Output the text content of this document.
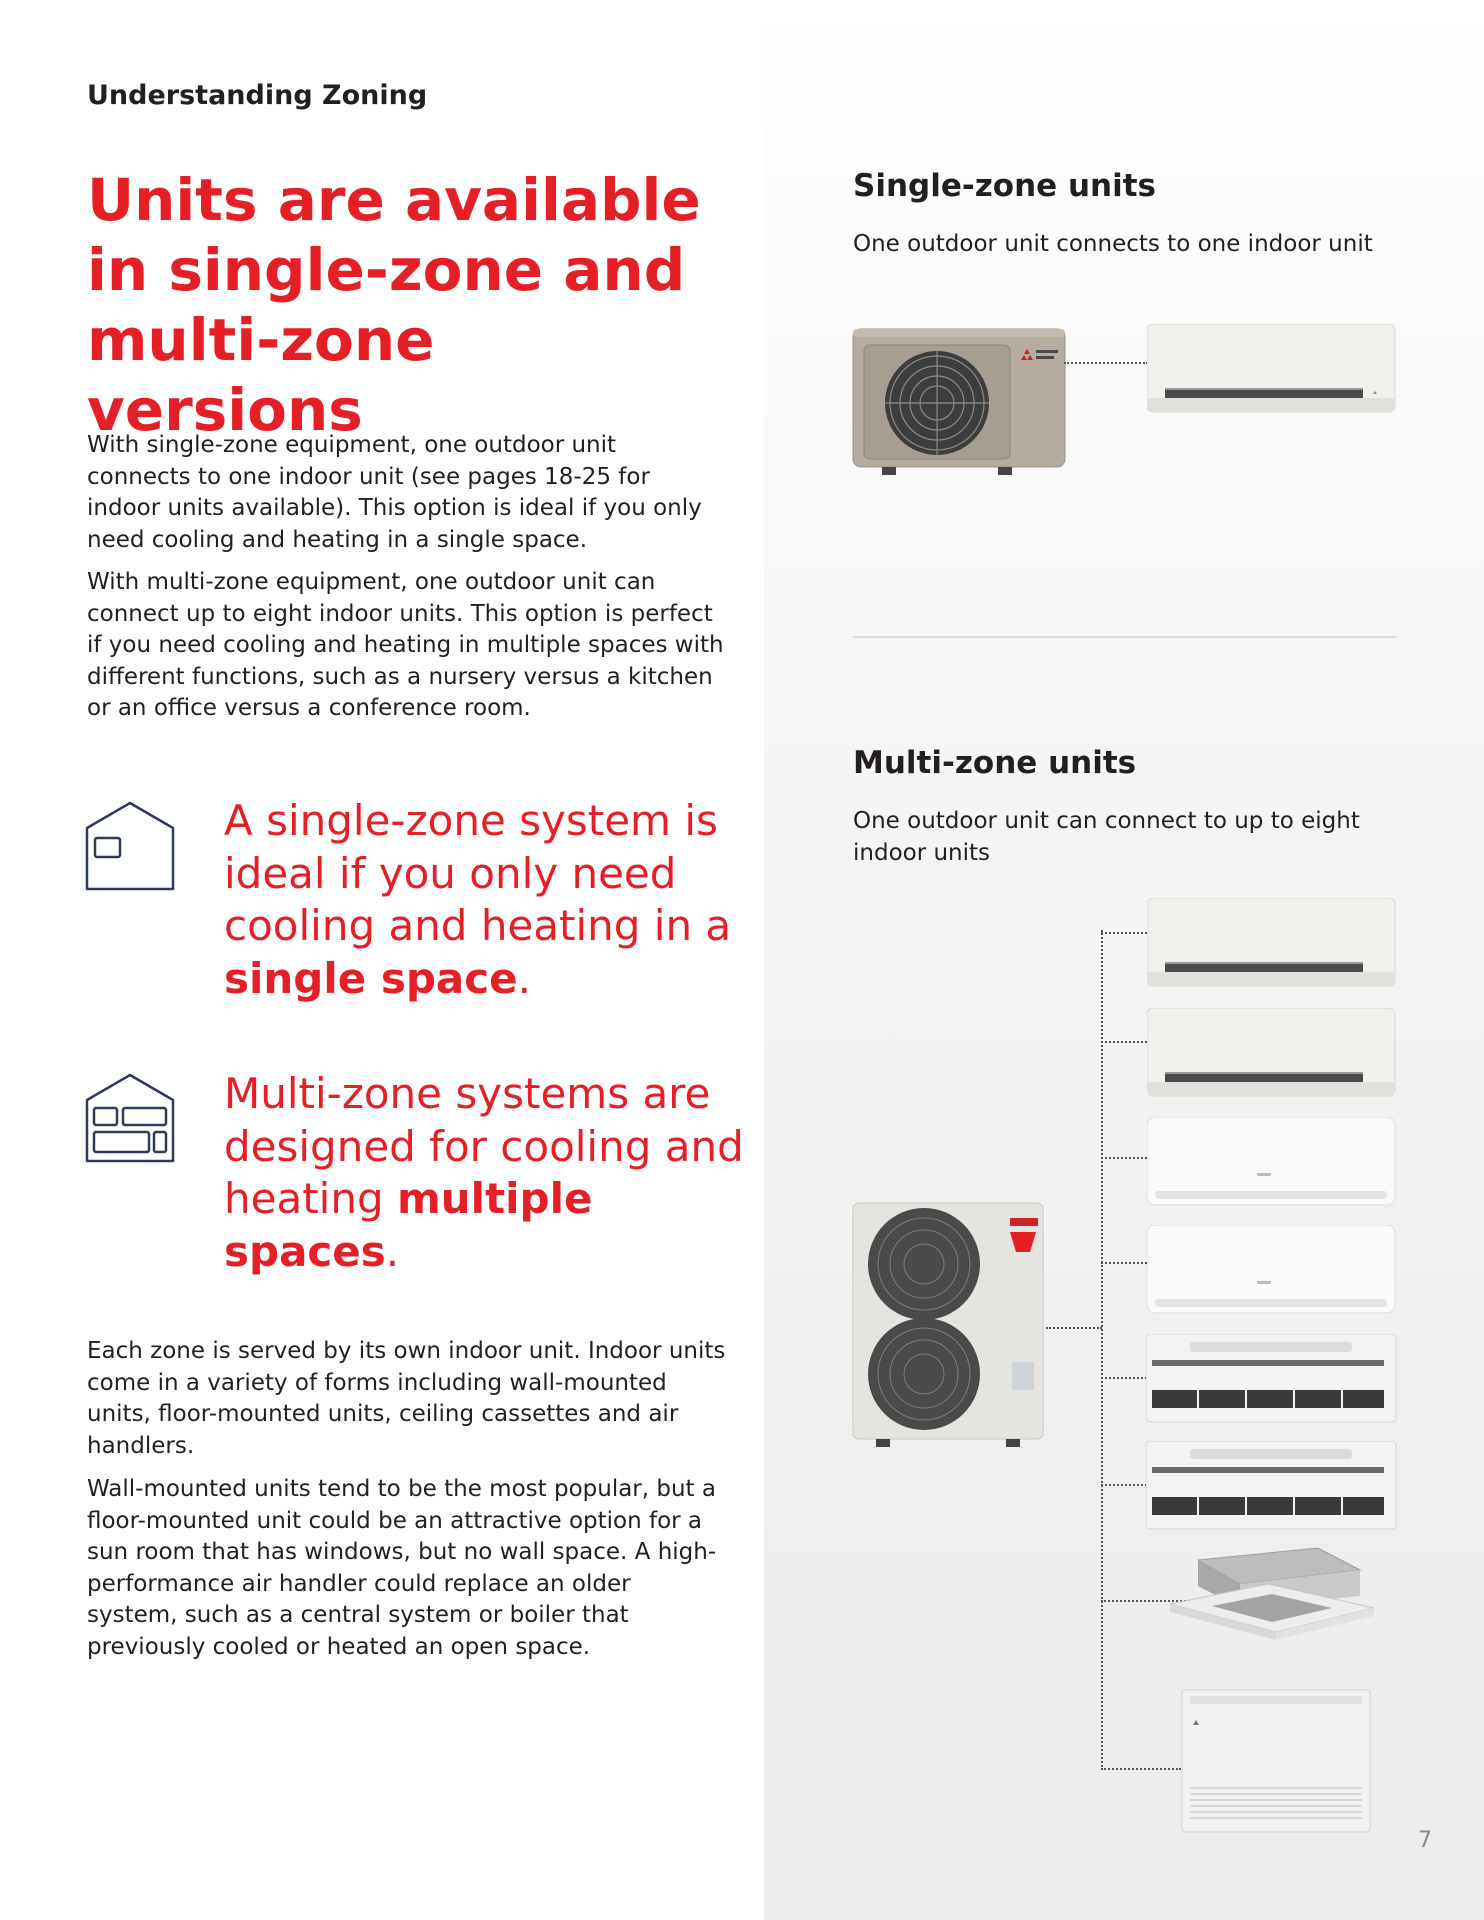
Understanding Zoning
Units are available
in single-zone and
multi-zone versions

With single-zone equipment, one outdoor unit connects to one indoor unit (see pages 18-25 for indoor units available). This option is ideal if you only need cooling and heating in a single space.

With multi-zone equipment, one outdoor unit can connect up to eight indoor units. This option is perfect if you need cooling and heating in multiple spaces with different functions, such as a nursery versus a kitchen or an office versus a conference room.

A single-zone system is ideal if you only need cooling and heating in a single space.

Multi-zone systems are designed for cooling and heating multiple spaces.

Each zone is served by its own indoor unit. Indoor units come in a variety of forms including wall-mounted units, floor-mounted units, ceiling cassettes and air handlers.

Wall-mounted units tend to be the most popular, but a floor-mounted unit could be an attractive option for a sun room that has windows, but no wall space. A high-performance air handler could replace an older system, such as a central system or boiler that previously cooled or heated an open space.

Single-zone units

One outdoor unit connects to one indoor unit

Multi-zone units

One outdoor unit can connect to up to eight indoor units

7
